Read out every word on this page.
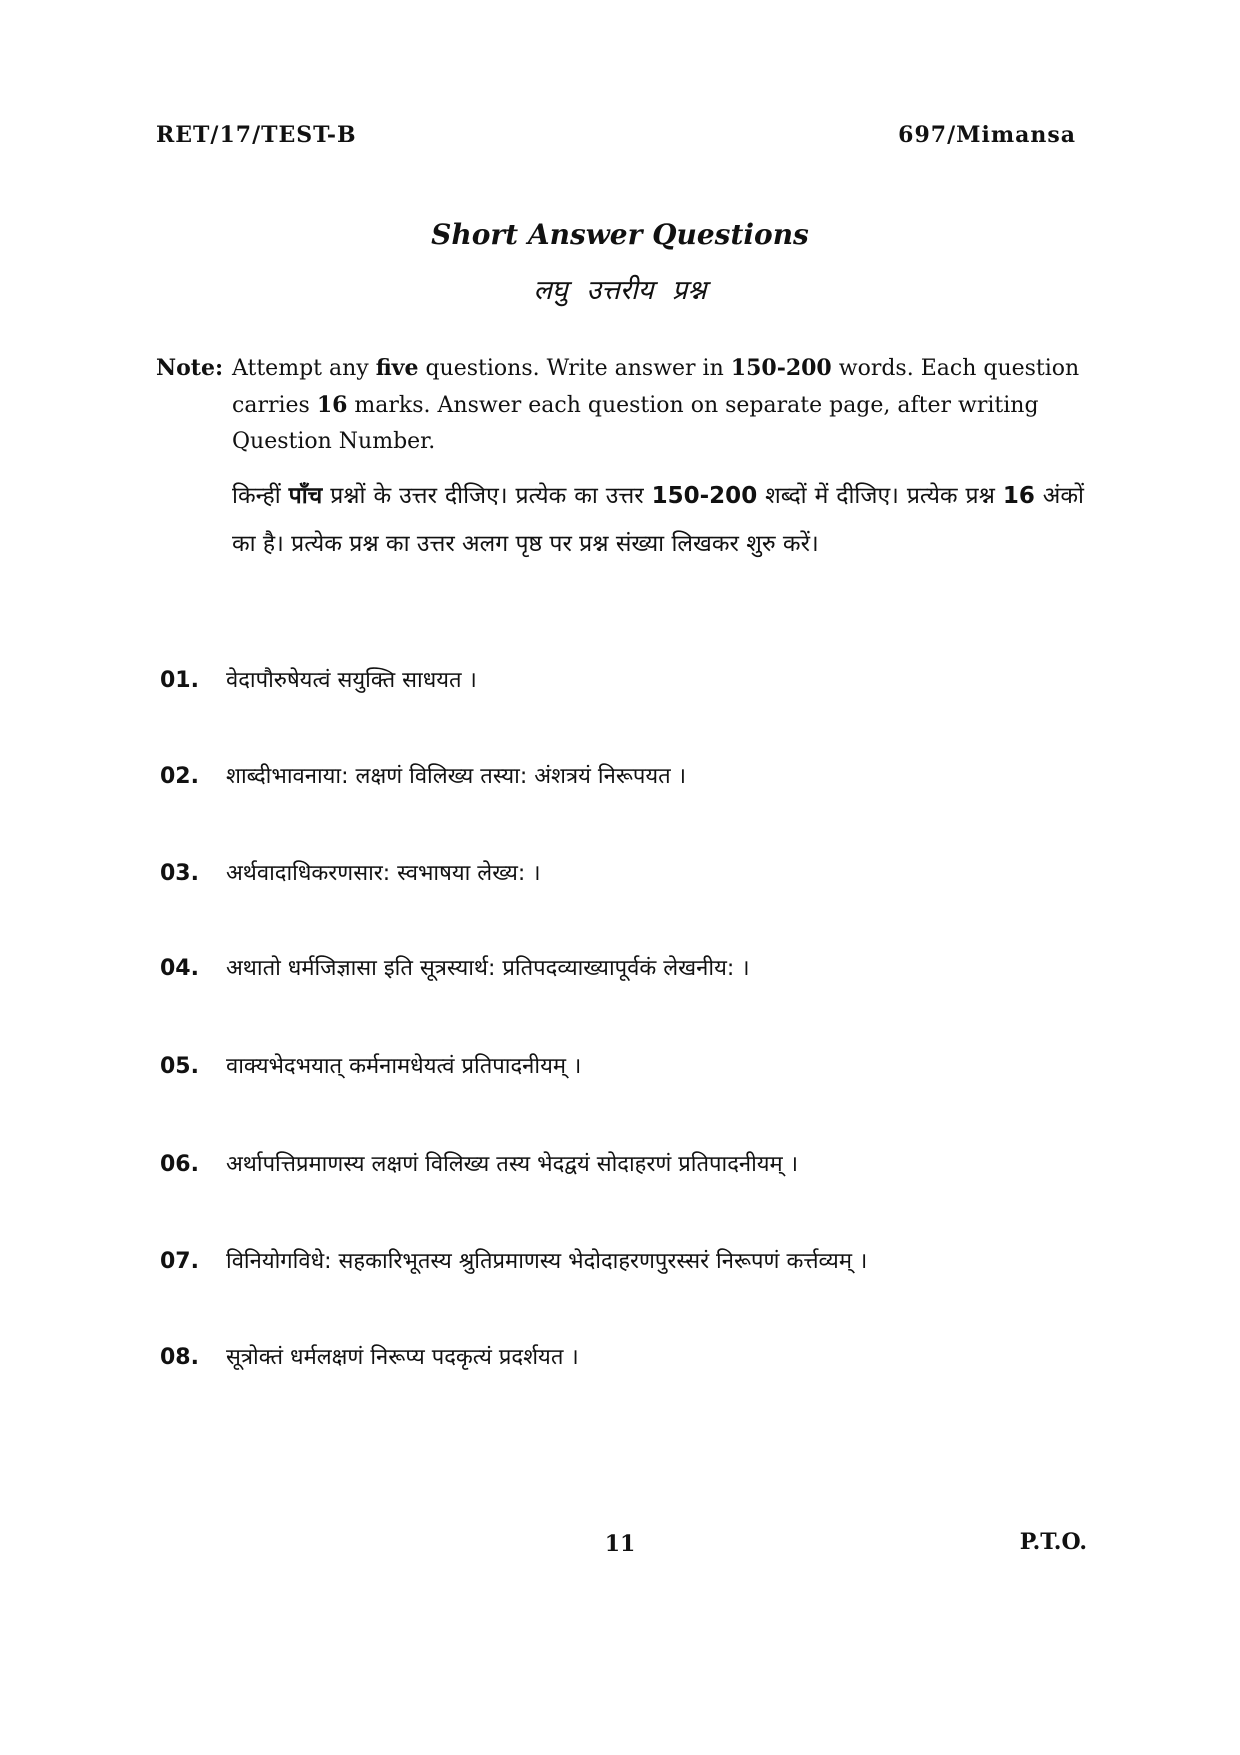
RET/17/TEST-B	697/Mimansa
Short Answer Questions
लघु उत्तरीय प्रश्न
Note: Attempt any five questions. Write answer in 150-200 words. Each question carries 16 marks. Answer each question on separate page, after writing Question Number.
किन्हीं पाँच प्रश्नों के उत्तर दीजिए। प्रत्येक का उत्तर 150-200 शब्दों में दीजिए। प्रत्येक प्रश्न 16 अंकों का है। प्रत्येक प्रश्न का उत्तर अलग पृष्ठ पर प्रश्न संख्या लिखकर शुरु करें।
01. वेदापौरुषेयत्वं सयुक्ति साधयत ।
02. शाब्दीभावनाया: लक्षणं विलिख्य तस्या: अंशत्रयं निरूपयत ।
03. अर्थवादाधिकरणसार: स्वभाषया लेख्य: ।
04. अथातो धर्मजिज्ञासा इति सूत्रस्यार्थ: प्रतिपदव्याख्यापूर्वकं लेखनीय: ।
05. वाक्यभेदभयात् कर्मनामधेयत्वं प्रतिपादनीयम् ।
06. अर्थापत्तिप्रमाणस्य लक्षणं विलिख्य तस्य भेदद्वयं सोदाहरणं प्रतिपादनीयम् ।
07. विनियोगविधे: सहकारिभूतस्य श्रुतिप्रमाणस्य भेदोदाहरणपुरस्सरं निरूपणं कर्त्तव्यम् ।
08. सूत्रोक्तं धर्मलक्षणं निरूप्य पदकृत्यं प्रदर्शयत ।
11	P.T.O.
